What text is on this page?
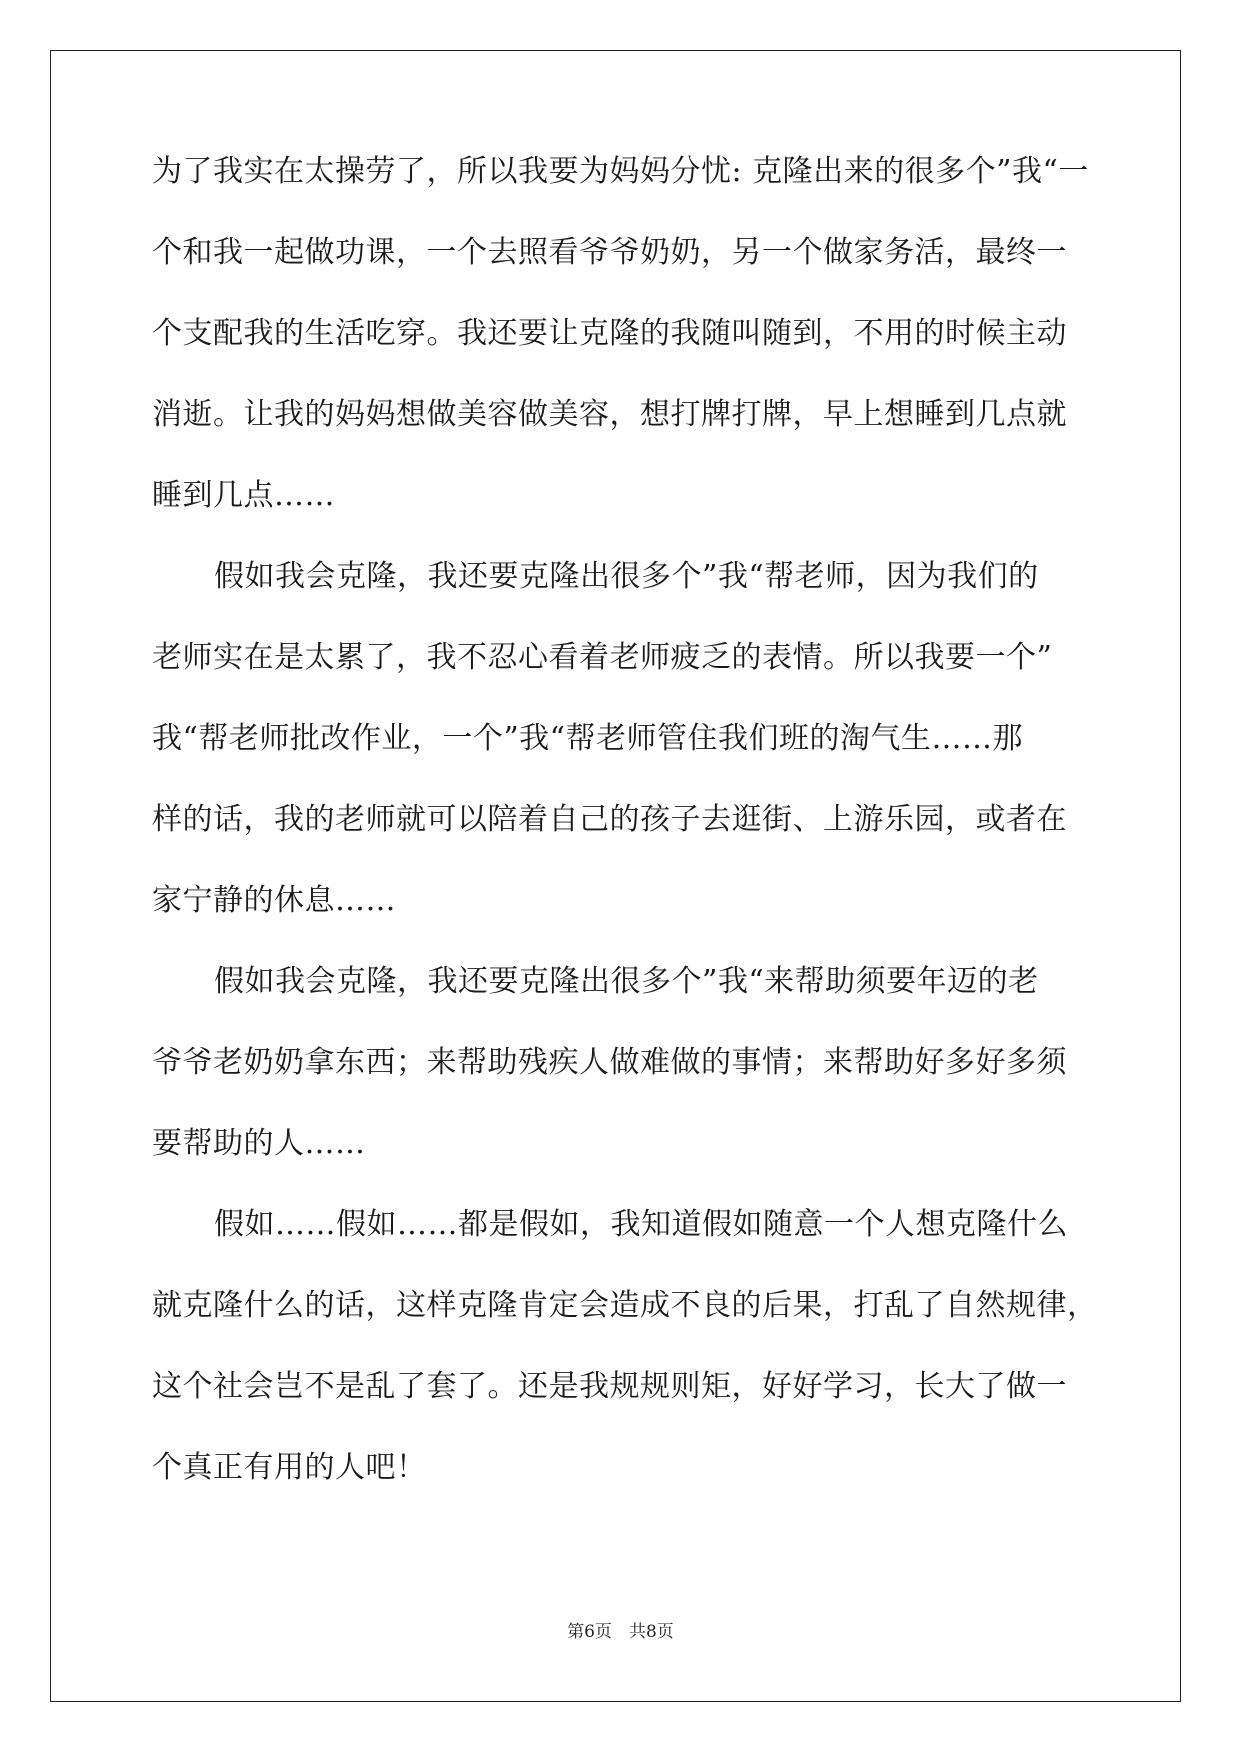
为了我实在太操劳了，所以我要为妈妈分忧: 克隆出来的很多个”我“一
个和我一起做功课，一个去照看爷爷奶奶，另一个做家务活，最终一
个支配我的生活吃穿。我还要让克隆的我随叫随到，不用的时候主动
消逝。让我的妈妈想做美容做美容，想打牌打牌，早上想睡到几点就
睡到几点……
假如我会克隆，我还要克隆出很多个”我“帮老师，因为我们的
老师实在是太累了，我不忍心看着老师疲乏的表情。所以我要一个”
我“帮老师批改作业，一个”我“帮老师管住我们班的淘气生……那
样的话，我的老师就可以陪着自己的孩子去逛街、上游乐园，或者在
家宁静的休息……
假如我会克隆，我还要克隆出很多个”我“来帮助须要年迈的老
爷爷老奶奶拿东西；来帮助残疾人做难做的事情；来帮助好多好多须
要帮助的人……
假如……假如……都是假如，我知道假如随意一个人想克隆什么
就克隆什么的话，这样克隆肯定会造成不良的后果，打乱了自然规律，
这个社会岂不是乱了套了。还是我规规则矩，好好学习，长大了做一
个真正有用的人吧！
第6页　共8页
